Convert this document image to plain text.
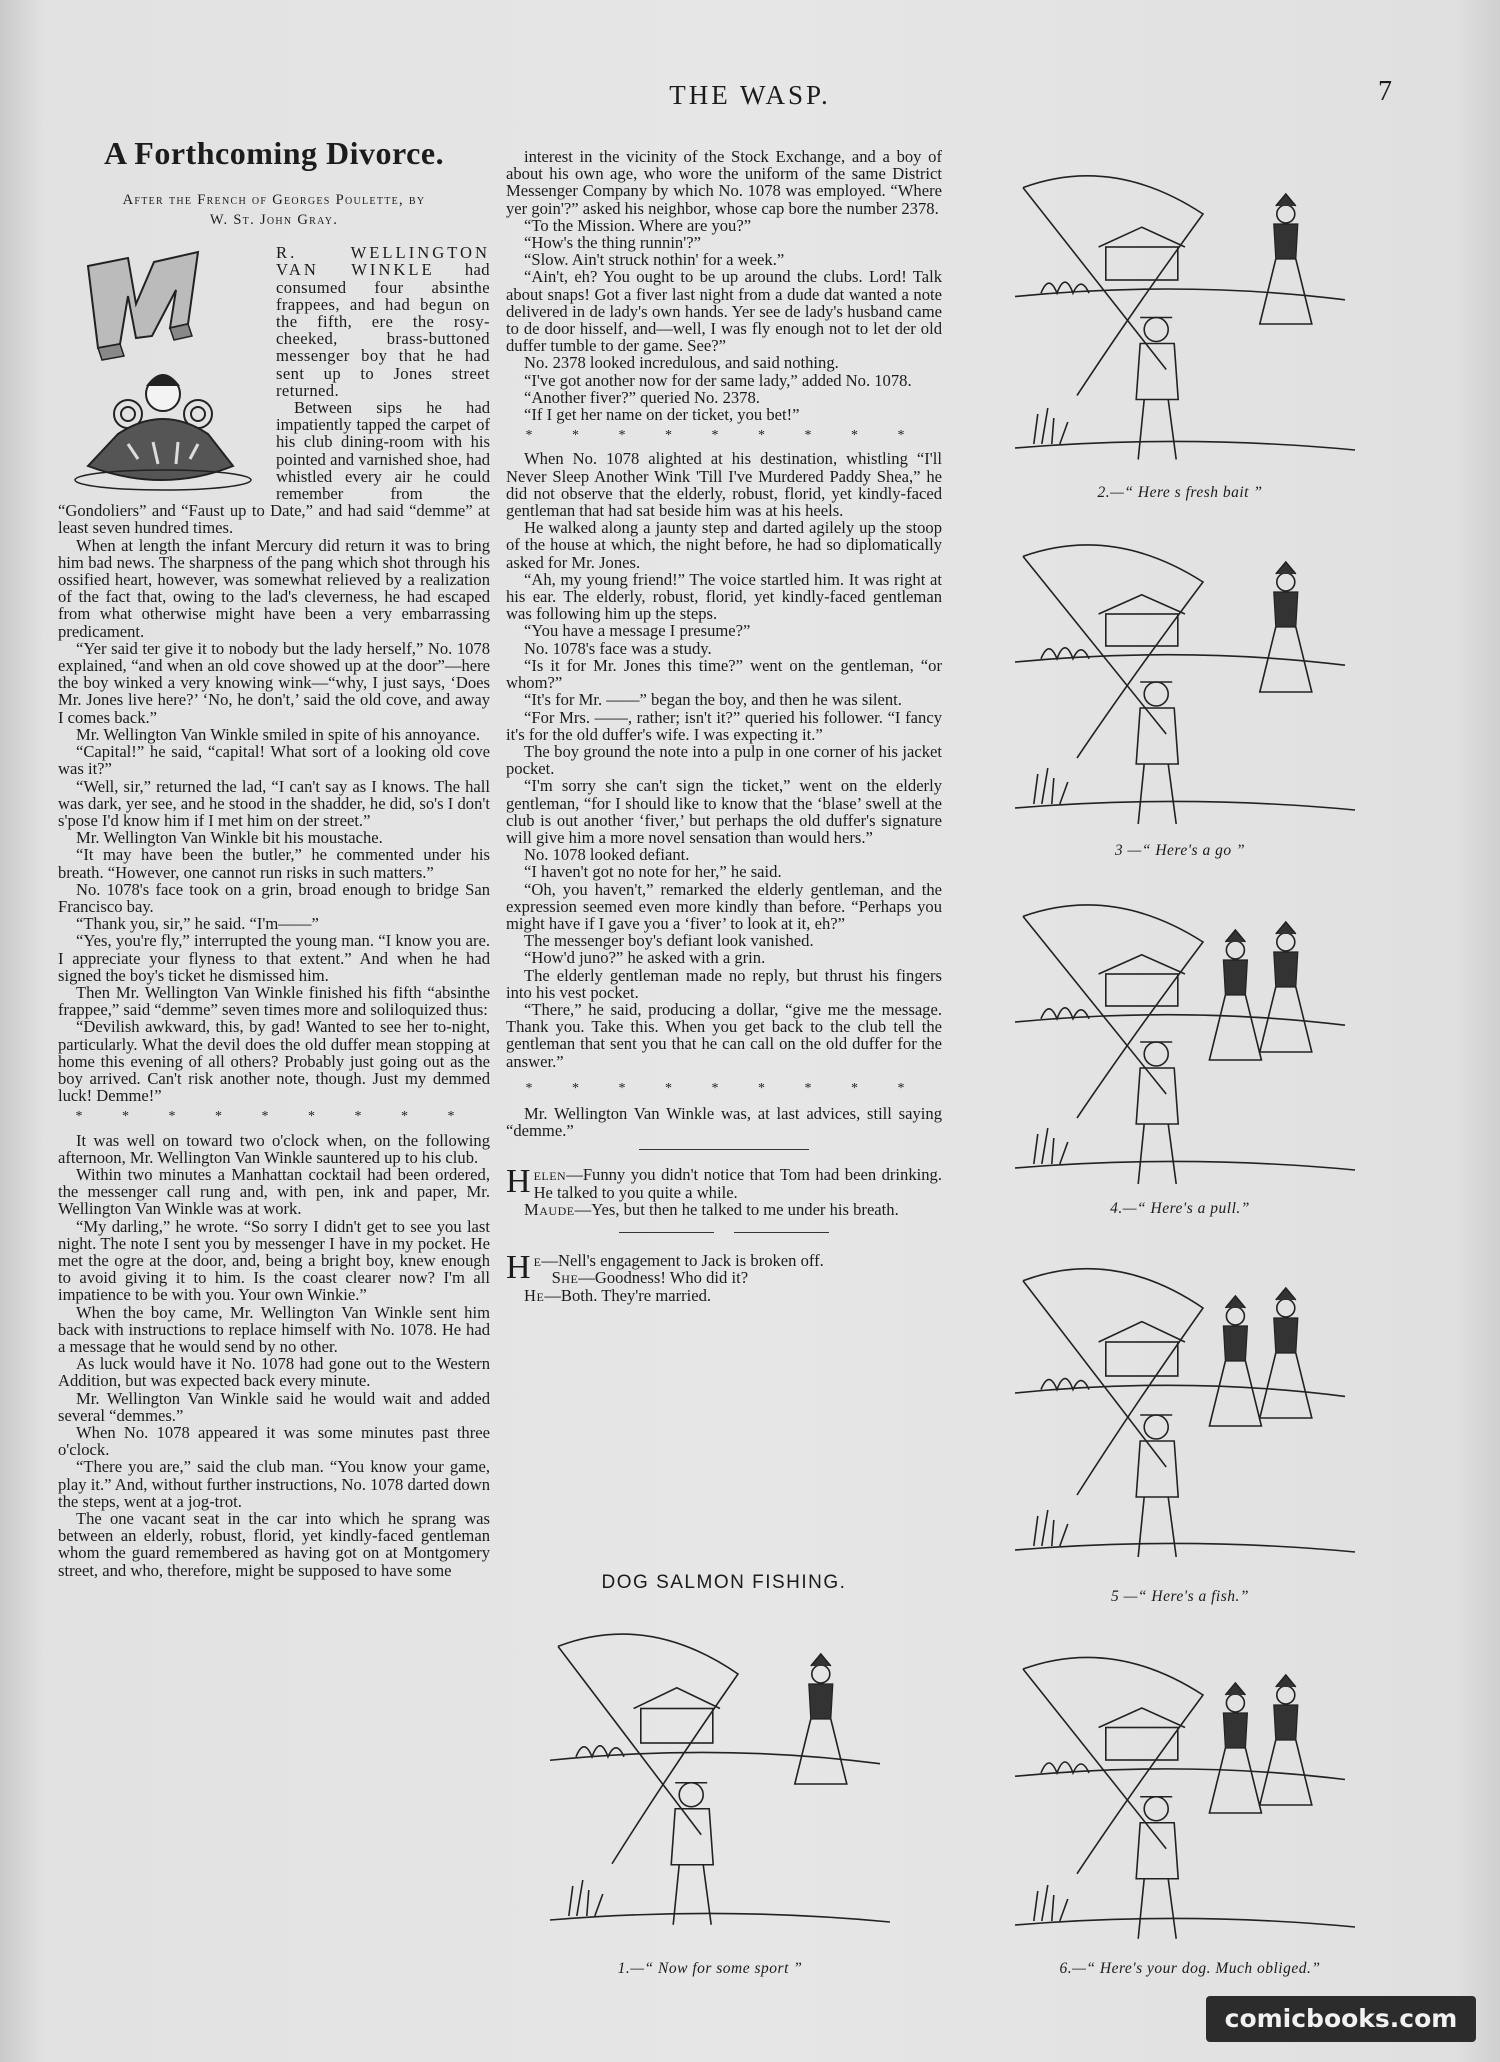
THE WASP.	7
A Forthcoming Divorce.
After the French of Georges Poulette, by
W. St. John Gray.

R. WELLINGTON VAN WINKLE had consumed four absinthe frappees, and had begun on the fifth, ere the rosy-cheeked, brass-buttoned messenger boy that he had sent up to Jones street returned.

Between sips he had impatiently tapped the carpet of his club dining-room with his pointed and varnished shoe, had whistled every air he could remember from the “Gondoliers” and “Faust up to Date,” and had said “demme” at least seven hundred times.

When at length the infant Mercury did return it was to bring him bad news. The sharpness of the pang which shot through his ossified heart, however, was somewhat relieved by a realization of the fact that, owing to the lad's cleverness, he had escaped from what otherwise might have been a very embarrassing predicament.

“Yer said ter give it to nobody but the lady herself,” No. 1078 explained, “and when an old cove showed up at the door”—here the boy winked a very knowing wink—“why, I just says, ‘Does Mr. Jones live here?’ ‘No, he don't,’ said the old cove, and away I comes back.”

Mr. Wellington Van Winkle smiled in spite of his annoyance.

“Capital!” he said, “capital! What sort of a looking old cove was it?”

“Well, sir,” returned the lad, “I can't say as I knows. The hall was dark, yer see, and he stood in the shadder, he did, so's I don't s'pose I'd know him if I met him on der street.”

Mr. Wellington Van Winkle bit his moustache.

“It may have been the butler,” he commented under his breath. “However, one cannot run risks in such matters.”

No. 1078's face took on a grin, broad enough to bridge San Francisco bay.

“Thank you, sir,” he said. “I'm——”

“Yes, you're fly,” interrupted the young man. “I know you are. I appreciate your flyness to that extent.” And when he had signed the boy's ticket he dismissed him.

Then Mr. Wellington Van Winkle finished his fifth “absinthe frappee,” said “demme” seven times more and soliloquized thus:

“Devilish awkward, this, by gad! Wanted to see her to-night, particularly. What the devil does the old duffer mean stopping at home this evening of all others? Probably just going out as the boy arrived. Can't risk another note, though. Just my demmed luck! Demme!”

* * * * * * * * *

It was well on toward two o'clock when, on the following afternoon, Mr. Wellington Van Winkle sauntered up to his club.

Within two minutes a Manhattan cocktail had been ordered, the messenger call rung and, with pen, ink and paper, Mr. Wellington Van Winkle was at work.

“My darling,” he wrote. “So sorry I didn't get to see you last night. The note I sent you by messenger I have in my pocket. He met the ogre at the door, and, being a bright boy, knew enough to avoid giving it to him. Is the coast clearer now? I'm all impatience to be with you. Your own Winkie.”

When the boy came, Mr. Wellington Van Winkle sent him back with instructions to replace himself with No. 1078. He had a message that he would send by no other.

As luck would have it No. 1078 had gone out to the Western Addition, but was expected back every minute.

Mr. Wellington Van Winkle said he would wait and added several “demmes.”

When No. 1078 appeared it was some minutes past three o'clock.

“There you are,” said the club man. “You know your game, play it.” And, without further instructions, No. 1078 darted down the steps, went at a jog-trot.

The one vacant seat in the car into which he sprang was between an elderly, robust, florid, yet kindly-faced gentleman whom the guard remembered as having got on at Montgomery street, and who, therefore, might be supposed to have some

interest in the vicinity of the Stock Exchange, and a boy of about his own age, who wore the uniform of the same District Messenger Company by which No. 1078 was employed. “Where yer goin'?” asked his neighbor, whose cap bore the number 2378.

“To the Mission. Where are you?”

“How's the thing runnin'?”

“Slow. Ain't struck nothin' for a week.”

“Ain't, eh? You ought to be up around the clubs. Lord! Talk about snaps! Got a fiver last night from a dude dat wanted a note delivered in de lady's own hands. Yer see de lady's husband came to de door hisself, and—well, I was fly enough not to let der old duffer tumble to der game. See?”

No. 2378 looked incredulous, and said nothing.

“I've got another now for der same lady,” added No. 1078.

“Another fiver?” queried No. 2378.

“If I get her name on der ticket, you bet!”

* * * * * * * * *

When No. 1078 alighted at his destination, whistling “I'll Never Sleep Another Wink 'Till I've Murdered Paddy Shea,” he did not observe that the elderly, robust, florid, yet kindly-faced gentleman that had sat beside him was at his heels.

He walked along a jaunty step and darted agilely up the stoop of the house at which, the night before, he had so diplomatically asked for Mr. Jones.

“Ah, my young friend!” The voice startled him. It was right at his ear. The elderly, robust, florid, yet kindly-faced gentleman was following him up the steps.

“You have a message I presume?”

No. 1078's face was a study.

“Is it for Mr. Jones this time?” went on the gentleman, “or whom?”

“It's for Mr. ——” began the boy, and then he was silent.

“For Mrs. ——, rather; isn't it?” queried his follower. “I fancy it's for the old duffer's wife. I was expecting it.”

The boy ground the note into a pulp in one corner of his jacket pocket.

“I'm sorry she can't sign the ticket,” went on the elderly gentleman, “for I should like to know that the ‘blase’ swell at the club is out another ‘fiver,’ but perhaps the old duffer's signature will give him a more novel sensation than would hers.”

No. 1078 looked defiant.

“I haven't got no note for her,” he said.

“Oh, you haven't,” remarked the elderly gentleman, and the expression seemed even more kindly than before. “Perhaps you might have if I gave you a ‘fiver’ to look at it, eh?”

The messenger boy's defiant look vanished.

“How'd juno?” he asked with a grin.

The elderly gentleman made no reply, but thrust his fingers into his vest pocket.

“There,” he said, producing a dollar, “give me the message. Thank you. Take this. When you get back to the club tell the gentleman that sent you that he can call on the old duffer for the answer.”

* * * * * * * * *

Mr. Wellington Van Winkle was, at last advices, still saying “demme.”

Helen—Funny you didn't notice that Tom had been drinking. He talked to you quite a while.

Maude—Yes, but then he talked to me under his breath.

He—Nell's engagement to Jack is broken off.

She—Goodness! Who did it?

He—Both. They're married.

DOG SALMON FISHING.
1.—“ Now for some sport ”
2.—“ Here s fresh bait ”
3 —“ Here's a go ”
4.—“ Here's a pull.”
5 —“ Here's a fish.”
6.—“ Here's your dog. Much obliged.”
comicbooks.com
